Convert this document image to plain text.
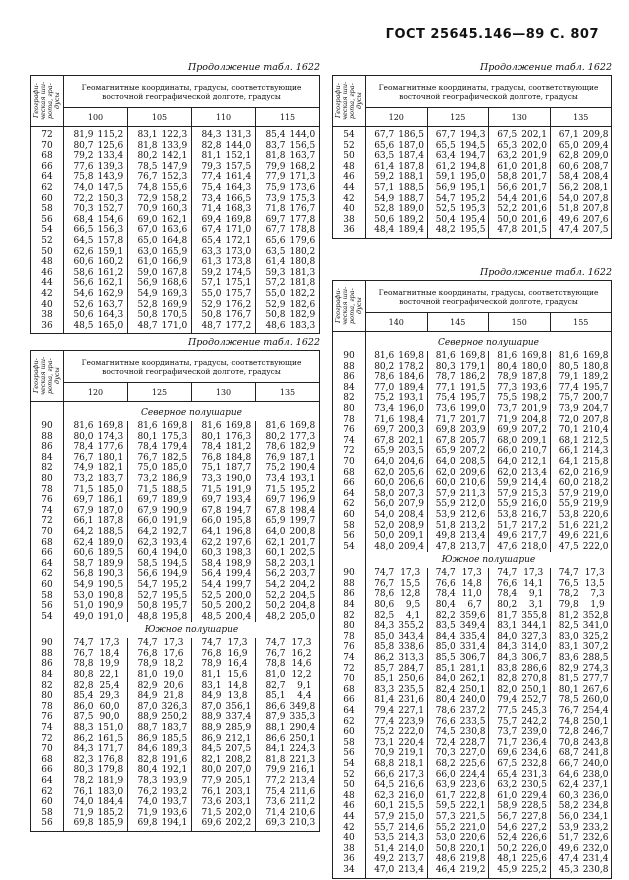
ГОСТ 25645.146—89 С. 807
Продолжение табл. 1622
Географи-ческая ши-рота, гра-дусы	Геомагнитные координаты, градусы, соответствующие восточной географической долготе, градусы			
	100	105	110	115
72	81,9 115,2	83,1 122,3	84,3 131,3	85,4 144,0
70	80,7 125,6	81,8 133,9	82,8 144,0	83,7 156,5
68	79,2 133,4	80,2 142,1	81,1 152,1	81,8 163,7
66	77,6 139,3	78,5 147,9	79,3 157,5	79,9 168,2
64	75,8 143,9	76,7 152,3	77,4 161,4	77,9 171,3
62	74,0 147,5	74,8 155,6	75,4 164,3	75,9 173,6
60	72,2 150,3	72,9 158,2	73,4 166,5	73,9 175,3
58	70,3 152,7	70,9 160,3	71,4 168,3	71,8 176,7
56	68,4 154,6	69,0 162,1	69,4 169,8	69,7 177,8
54	66,5 156,3	67,0 163,6	67,4 171,0	67,7 178,8
52	64,5 157,8	65,0 164,8	65,4 172,1	65,6 179,6
50	62,6 159,1	63,0 165,9	63,3 173,0	63,5 180,2
48	60,6 160,2	61,0 166,9	61,3 173,8	61,4 180,8
46	58,6 161,2	59,0 167,8	59,2 174,5	59,3 181,3
44	56,6 162,1	56,9 168,6	57,1 175,1	57,2 181,8
42	54,6 162,9	54,9 169,3	55,0 175,7	55,0 182,2
40	52,6 163,7	52,8 169,9	52,9 176,2	52,9 182,6
38	50,6 164,3	50,8 170,5	50,8 176,7	50,8 182,9
36	48,5 165,0	48,7 171,0	48,7 177,2	48,6 183,3
Продолжение табл. 1622
Географи-ческая ши-рота, гра-дусы	Геомагнитные координаты, градусы, соответствующие восточной географической долготе, градусы			
	120	125	130	135
	Северное полушарие			
90	81,6 169,8	81,6 169,8	81,6 169,8	81,6 169,8
88	80,0 174,3	80,1 175,3	80,1 176,3	80,2 177,3
86	78,4 177,6	78,4 179,4	78,4 181,2	78,6 182,9
84	76,7 180,1	76,7 182,5	76,8 184,8	76,9 187,1
82	74,9 182,1	75,0 185,0	75,1 187,7	75,2 190,4
80	73,2 183,7	73,2 186,9	73,3 190,0	73,4 193,1
78	71,5 185,0	71,5 188,5	71,5 191,9	71,5 195,2
76	69,7 186,1	69,7 189,9	69,7 193,4	69,7 196,9
74	67,9 187,0	67,9 190,9	67,8 194,7	67,8 198,4
72	66,1 187,8	66,0 191,9	66,0 195,8	65,9 199,7
70	64,2 188,5	64,2 192,7	64,1 196,8	64,0 200,8
68	62,4 189,0	62,3 193,4	62,2 197,6	62,1 201,7
66	60,6 189,5	60,4 194,0	60,3 198,3	60,1 202,5
64	58,7 189,9	58,5 194,5	58,4 198,9	58,2 203,1
62	56,8 190,3	56,6 194,9	56,4 199,4	56,2 203,7
60	54,9 190,5	54,7 195,2	54,4 199,7	54,2 204,2
58	53,0 190,8	52,7 195,5	52,5 200,0	52,2 204,5
56	51,0 190,9	50,8 195,7	50,5 200,2	50,2 204,8
54	49,0 191,0	48,8 195,8	48,5 200,4	48,2 205,0
	Южное полушарие			
90	74,7 17,3	74,7 17,3	74,7 17,3	74,7 17,3
88	76,7 18,4	76,8 17,6	76,8 16,9	76,7 16,2
86	78,8 19,9	78,9 18,2	78,9 16,4	78,8 14,6
84	80,8 22,1	81,0 19,0	81,1 15,6	81,0 12,2
82	82,8 25,4	82,9 20,6	83,1 14,8	82,7 9,1
80	85,4 29,3	84,9 21,8	84,9 13,8	85,1 4,4
78	86,0 60,0	87,0 326,3	87,0 356,1	86,6 349,8
76	87,5 90,0	88,9 250,2	88,9 337,4	87,9 335,3
74	88,3 151,0	88,7 183,7	88,9 285,9	88,1 290,4
72	86,2 161,5	86,9 185,5	86,9 212,1	86,6 250,1
70	84,3 171,7	84,6 189,3	84,5 207,5	84,1 224,3
68	82,3 176,8	82,8 191,6	82,1 208,2	81,8 221,3
66	80,3 179,8	80,4 192,1	80,0 207,0	79,9 216,1
64	78,2 181,9	78,3 193,9	77,9 205,1	77,2 213,4
62	76,1 183,0	76,2 193,2	76,1 203,1	75,4 211,6
60	74,0 184,4	74,0 193,7	73,6 203,1	73,6 211,2
58	71,9 185,2	71,9 193,6	71,5 202,0	71,4 210,6
56	69,8 185,9	69,8 194,1	69,6 202,2	69,3 210,3
Продолжение табл. 1622
Географи-ческая ши-рота, гра-дусы	Геомагнитные координаты, градусы, соответствующие восточной географической долготе, градусы			
	120	125	130	135
54	67,7 186,5	67,7 194,3	67,5 202,1	67,1 209,8
52	65,6 187,0	65,5 194,5	65,3 202,0	65,0 209,4
50	63,5 187,4	63,4 194,7	63,2 201,9	62,8 209,0
48	61,4 187,8	61,2 194,8	61,0 201,8	60,6 208,7
46	59,2 188,1	59,1 195,0	58,8 201,7	58,4 208,4
44	57,1 188,5	56,9 195,1	56,6 201,7	56,2 208,1
42	54,9 188,7	54,7 195,2	54,4 201,6	54,0 207,8
40	52,8 189,0	52,5 195,3	52,2 201,6	51,8 207,8
38	50,6 189,2	50,4 195,4	50,0 201,6	49,6 207,6
36	48,4 189,4	48,2 195,5	47,8 201,5	47,4 207,5
Продолжение табл. 1622
Географи-ческая ши-рота, гра-дусы	Геомагнитные координаты, градусы, соответствующие восточной географической долготе, градусы			
	140	145	150	155
	Северное полушарие			
90	81,6 169,8	81,6 169,8	81,6 169,8	81,6 169,8
88	80,2 178,2	80,3 179,1	80,4 180,0	80,5 180,8
86	78,6 184,6	78,7 186,2	78,9 187,8	79,1 189,2
84	77,0 189,4	77,1 191,5	77,3 193,6	77,4 195,7
82	75,2 193,1	75,4 195,7	75,5 198,2	75,7 200,7
80	73,4 196,0	73,6 199,0	73,7 201,9	73,9 204,7
78	71,6 198,4	71,7 201,7	71,9 204,8	72,0 207,8
76	69,7 200,3	69,8 203,9	69,9 207,2	70,1 210,4
74	67,8 202,1	67,8 205,7	68,0 209,1	68,1 212,5
72	65,9 203,5	65,9 207,2	66,0 210,7	66,1 214,3
70	64,0 204,6	64,0 208,5	64,0 212,1	64,1 215,8
68	62,0 205,6	62,0 209,6	62,0 213,4	62,0 216,9
66	60,0 206,6	60,0 210,6	59,9 214,4	60,0 218,2
64	58,0 207,3	57,9 211,3	57,9 215,3	57,9 219,0
62	56,0 207,9	55,9 212,0	55,9 216,0	55,9 219,9
60	54,0 208,4	53,9 212,6	53,8 216,7	53,8 220,6
58	52,0 208,9	51,8 213,2	51,7 217,2	51,6 221,2
56	50,0 209,1	49,8 213,4	49,6 217,7	49,6 221,6
54	48,0 209,4	47,8 213,7	47,6 218,0	47,5 222,0
	Южное полушарие			
90	74,7 17,3	74,7 17,3	74,7 17,3	74,7 17,3
88	76,7 15,5	76,6 14,8	76,6 14,1	76,5 13,5
86	78,6 12,8	78,4 11,0	78,4 9,1	78,2 7,3
84	80,6 9,5	80,4 6,7	80,2 3,1	79,8 1,9
82	82,5 4,1	82,2 359,6	81,7 355,8	81,2 352,8
80	84,3 355,2	83,5 349,4	83,1 344,1	82,5 341,0
78	85,0 343,4	84,4 335,4	84,0 327,3	83,0 325,2
76	85,8 338,6	85,0 331,4	84,3 314,0	83,1 307,2
74	86,2 313,3	85,5 306,7	84,3 306,7	83,6 288,5
72	85,7 284,7	85,1 281,1	83,8 286,6	82,9 274,3
70	85,1 250,6	84,0 262,1	82,8 270,8	81,5 277,7
68	83,3 235,5	82,4 250,1	82,0 250,1	80,1 267,6
66	81,4 231,6	80,4 240,0	79,4 252,7	78,5 260,0
64	79,4 227,1	78,6 237,2	77,5 245,3	76,7 254,4
62	77,4 223,9	76,6 233,5	75,7 242,2	74,8 250,1
60	75,2 222,0	74,5 230,8	73,7 239,0	72,8 246,7
58	73,1 220,4	72,4 228,7	71,7 236,4	70,8 243,8
56	70,9 219,1	70,3 227,0	69,6 234,6	68,7 241,8
54	68,8 218,1	68,2 225,6	67,5 232,8	66,7 240,0
52	66,6 217,3	66,0 224,4	65,4 231,3	64,6 238,0
50	64,5 216,6	63,9 223,6	63,2 230,5	62,4 237,1
48	62,3 216,0	61,7 222,8	61,0 229,4	60,3 236,0
46	60,1 215,5	59,5 222,1	58,9 228,5	58,2 234,8
44	57,9 215,0	57,3 221,5	56,7 227,8	56,0 234,1
42	55,7 214,6	55,2 221,0	54,6 227,2	53,9 233,2
40	53,5 214,3	53,0 220,6	52,4 226,6	51,7 232,6
38	51,4 214,0	50,8 220,1	50,2 226,0	49,6 232,0
36	49,2 213,7	48,6 219,8	48,1 225,6	47,4 231,4
34	47,0 213,4	46,4 219,2	45,9 225,2	45,3 230,8
